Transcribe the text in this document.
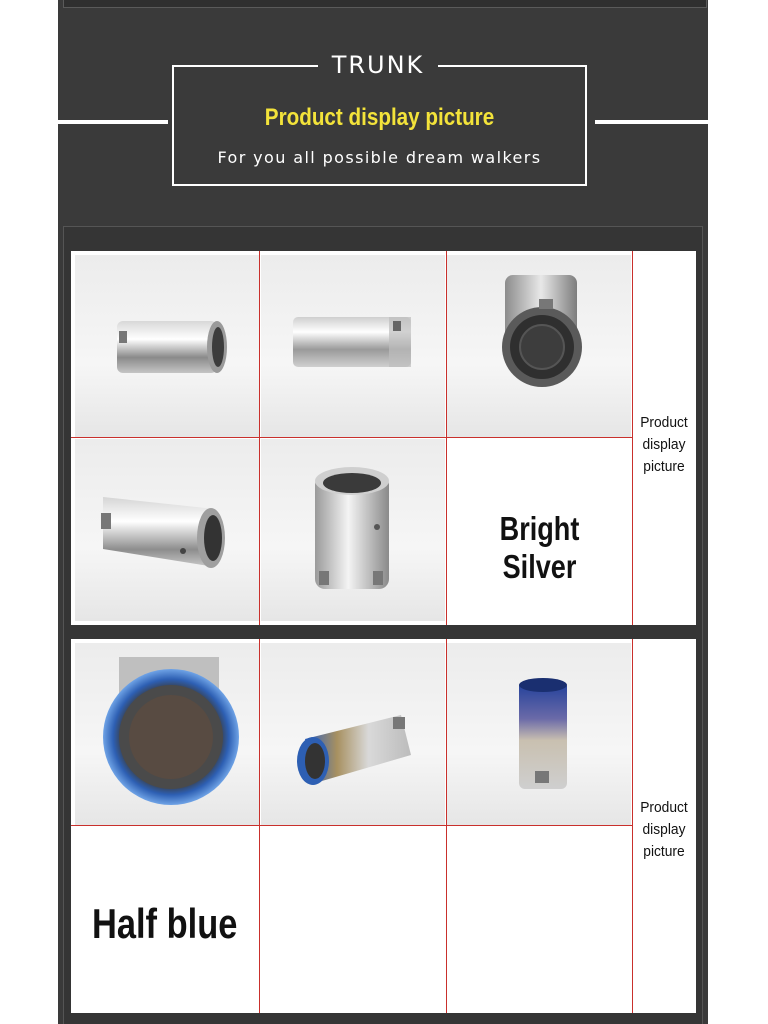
TRUNK
Product display picture
For you all possible dream walkers
Bright Silver
Product
display
picture
Half blue
Product
display
picture
